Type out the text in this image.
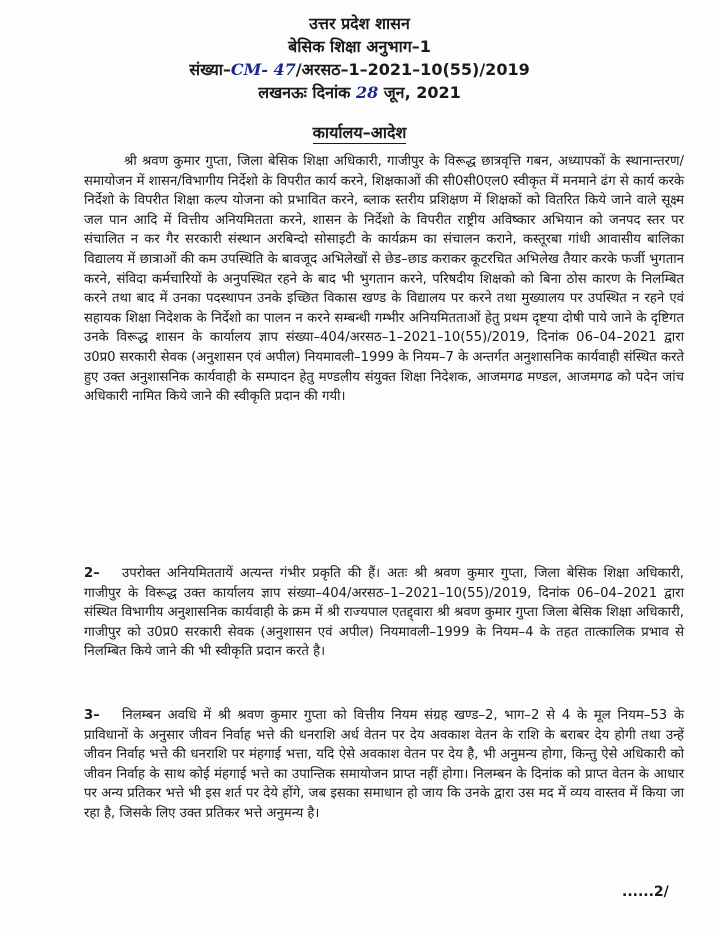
उत्तर प्रदेश शासन
बेसिक शिक्षा अनुभाग–1
संख्या–CM- 47/अरसठ–1–2021–10(55)/2019
लखनऊः दिनांक 28 जून, 2021
कार्यालय–आदेश

श्री श्रवण कुमार गुप्ता, जिला बेसिक शिक्षा अधिकारी, गाजीपुर के विरूद्ध छात्रवृत्ति गबन, अध्यापकों के स्थानान्तरण/समायोजन में शासन/विभागीय निर्देशो के विपरीत कार्य करने, शिक्षकाओं की सी0सी0एल0 स्वीकृत में मनमाने ढंग से कार्य करके निर्देशो के विपरीत शिक्षा कल्प योजना को प्रभावित करने, ब्लाक स्तरीय प्रशिक्षण में शिक्षकों को वितरित किये जाने वाले सूक्ष्म जल पान आदि में वित्तीय अनियमितता करने, शासन के निर्देशो के विपरीत राष्ट्रीय अविष्कार अभियान को जनपद स्तर पर संचालित न कर गैर सरकारी संस्थान अरबिन्दो सोसाइटी के कार्यक्रम का संचालन कराने, कस्तूरबा गांधी आवासीय बालिका विद्यालय में छात्राओं की कम उपस्थिति के बावजूद अभिलेखों से छेड–छाड कराकर कूटरचित अभिलेख तैयार करके फर्जी भुगतान करने, संविदा कर्मचारियों के अनुपस्थित रहने के बाद भी भुगतान करने, परिषदीय शिक्षको को बिना ठोस कारण के निलम्बित करने तथा बाद में उनका पदस्थापन उनके इच्छित विकास खण्ड के विद्यालय पर करने तथा मुख्यालय पर उपस्थित न रहने एवं सहायक शिक्षा निदेशक के निर्देशो का पालन न करने सम्बन्धी गम्भीर अनियमितताओं हेतु प्रथम दृष्टया दोषी पाये जाने के दृष्टिगत उनके विरूद्ध शासन के कार्यालय ज्ञाप संख्या–404/अरसठ–1–2021–10(55)/2019, दिनांक 06–04–2021 द्वारा उ0प्र0 सरकारी सेवक (अनुशासन एवं अपील) नियमावली–1999 के नियम–7 के अन्तर्गत अनुशासनिक कार्यवाही संस्थित करते हुए उक्त अनुशासनिक कार्यवाही के सम्पादन हेतु मण्डलीय संयुक्त शिक्षा निदेशक, आजमगढ मण्डल, आजमगढ को पदेन जांच अधिकारी नामित किये जाने की स्वीकृति प्रदान की गयी।

2– उपरोक्त अनियमिततायें अत्यन्त गंभीर प्रकृति की हैं। अतः श्री श्रवण कुमार गुप्ता, जिला बेसिक शिक्षा अधिकारी, गाजीपुर के विरूद्ध उक्त कार्यालय ज्ञाप संख्या–404/अरसठ–1–2021–10(55)/2019, दिनांक 06–04–2021 द्वारा संस्थित विभागीय अनुशासनिक कार्यवाही के क्रम में श्री राज्यपाल एतद्द्वारा श्री श्रवण कुमार गुप्ता जिला बेसिक शिक्षा अधिकारी, गाजीपुर को उ0प्र0 सरकारी सेवक (अनुशासन एवं अपील) नियमावली–1999 के नियम–4 के तहत तात्कालिक प्रभाव से निलम्बित किये जाने की भी स्वीकृति प्रदान करते है।

3– निलम्बन अवधि में श्री श्रवण कुमार गुप्ता को वित्तीय नियम संग्रह खण्ड–2, भाग–2 से 4 के मूल नियम–53 के प्राविधानों के अनुसार जीवन निर्वाह भत्ते की धनराशि अर्ध वेतन पर देय अवकाश वेतन के राशि के बराबर देय होगी तथा उन्हें जीवन निर्वाह भत्ते की धनराशि पर मंहगाई भत्ता, यदि ऐसे अवकाश वेतन पर देय है, भी अनुमन्य होगा, किन्तु ऐसे अधिकारी को जीवन निर्वाह के साथ कोई मंहगाई भत्ते का उपान्तिक समायोजन प्राप्त नहीं होगा। निलम्बन के दिनांक को प्राप्त वेतन के आधार पर अन्य प्रतिकर भत्ते भी इस शर्त पर देये होंगे, जब इसका समाधान हो जाय कि उनके द्वारा उस मद में व्यय वास्तव में किया जा रहा है, जिसके लिए उक्त प्रतिकर भत्ते अनुमन्य है।

......2/
